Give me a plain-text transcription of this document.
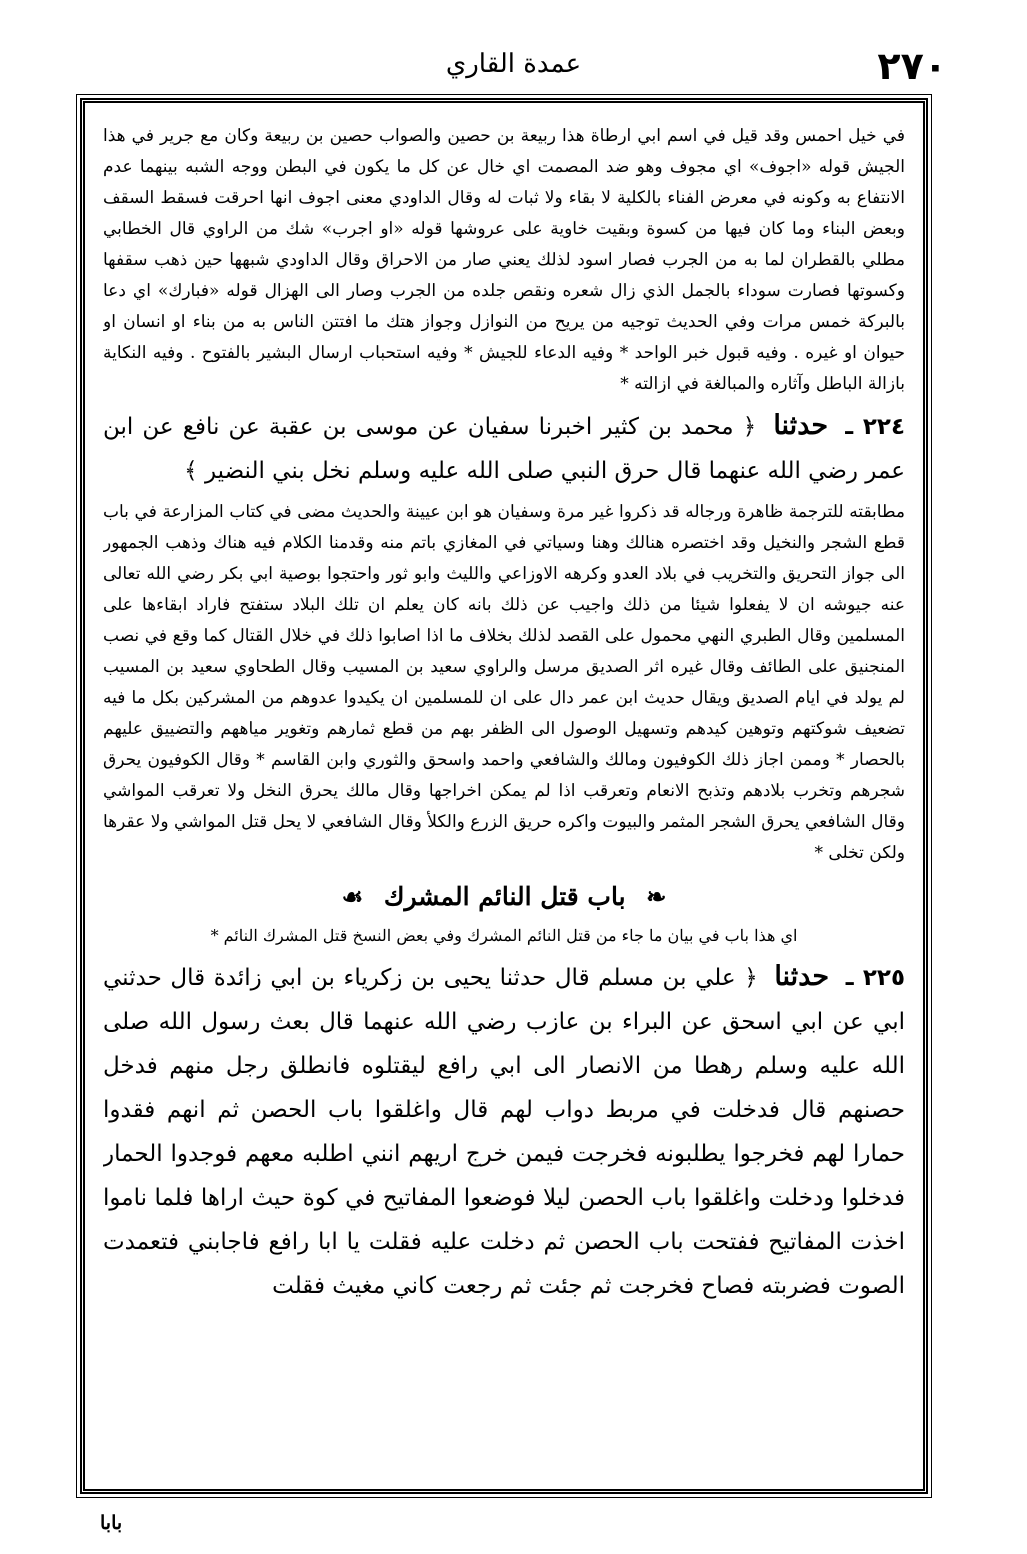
٢٧٠
عمدة القاري

في خيل احمس وقد قيل في اسم ابي ارطاة هذا ربيعة بن حصين والصواب حصين بن ربيعة وكان مع جرير في هذا الجيش قوله «اجوف» اي مجوف وهو ضد المصمت اي خال عن كل ما يكون في البطن ووجه الشبه بينهما عدم الانتفاع به وكونه في معرض الفناء بالكلية لا بقاء ولا ثبات له وقال الداودي معنى اجوف انها احرقت فسقط السقف وبعض البناء وما كان فيها من كسوة وبقيت خاوية على عروشها قوله «او اجرب» شك من الراوي قال الخطابي مطلي بالقطران لما به من الجرب فصار اسود لذلك يعني صار من الاحراق وقال الداودي شبهها حين ذهب سقفها وكسوتها فصارت سوداء بالجمل الذي زال شعره ونقص جلده من الجرب وصار الى الهزال قوله «فبارك» اي دعا بالبركة خمس مرات وفي الحديث توجيه من يريح من النوازل وجواز هتك ما افتتن الناس به من بناء او انسان او حيوان او غيره . وفيه قبول خبر الواحد * وفيه الدعاء للجيش * وفيه استحباب ارسال البشير بالفتوح . وفيه النكاية بازالة الباطل وآثاره والمبالغة في ازالته *

٢٢٤ ـ حدثنا ﴿ محمد بن كثير اخبرنا سفيان عن موسى بن عقبة عن نافع عن ابن عمر رضي الله عنهما قال حرق النبي صلى الله عليه وسلم نخل بني النضير ﴾

مطابقته للترجمة ظاهرة ورجاله قد ذكروا غير مرة وسفيان هو ابن عيينة والحديث مضى في كتاب المزارعة في باب قطع الشجر والنخيل وقد اختصره هنالك وهنا وسياتي في المغازي باتم منه وقدمنا الكلام فيه هناك وذهب الجمهور الى جواز التحريق والتخريب في بلاد العدو وكرهه الاوزاعي والليث وابو ثور واحتجوا بوصية ابي بكر رضي الله تعالى عنه جيوشه ان لا يفعلوا شيئا من ذلك واجيب عن ذلك بانه كان يعلم ان تلك البلاد ستفتح فاراد ابقاءها على المسلمين وقال الطبري النهي محمول على القصد لذلك بخلاف ما اذا اصابوا ذلك في خلال القتال كما وقع في نصب المنجنيق على الطائف وقال غيره اثر الصديق مرسل والراوي سعيد بن المسيب وقال الطحاوي سعيد بن المسيب لم يولد في ايام الصديق ويقال حديث ابن عمر دال على ان للمسلمين ان يكيدوا عدوهم من المشركين بكل ما فيه تضعيف شوكتهم وتوهين كيدهم وتسهيل الوصول الى الظفر بهم من قطع ثمارهم وتغوير مياههم والتضييق عليهم بالحصار * وممن اجاز ذلك الكوفيون ومالك والشافعي واحمد واسحق والثوري وابن القاسم * وقال الكوفيون يحرق شجرهم وتخرب بلادهم وتذبح الانعام وتعرقب اذا لم يمكن اخراجها وقال مالك يحرق النخل ولا تعرقب المواشي وقال الشافعي يحرق الشجر المثمر والبيوت واكره حريق الزرع والكلأ وقال الشافعي لا يحل قتل المواشي ولا عقرها ولكن تخلى *

❧ باب قتل النائم المشرك ☙

اي هذا باب في بيان ما جاء من قتل النائم المشرك وفي بعض النسخ قتل المشرك النائم *

٢٢٥ ـ حدثنا ﴿ علي بن مسلم قال حدثنا يحيى بن زكرياء بن ابي زائدة قال حدثني ابي عن ابي اسحق عن البراء بن عازب رضي الله عنهما قال بعث رسول الله صلى الله عليه وسلم رهطا من الانصار الى ابي رافع ليقتلوه فانطلق رجل منهم فدخل حصنهم قال فدخلت في مربط دواب لهم قال واغلقوا باب الحصن ثم انهم فقدوا حمارا لهم فخرجوا يطلبونه فخرجت فيمن خرج اريهم انني اطلبه معهم فوجدوا الحمار فدخلوا ودخلت واغلقوا باب الحصن ليلا فوضعوا المفاتيح في كوة حيث اراها فلما ناموا اخذت المفاتيح ففتحت باب الحصن ثم دخلت عليه فقلت يا ابا رافع فاجابني فتعمدت الصوت فضربته فصاح فخرجت ثم جئت ثم رجعت كاني مغيث فقلت

بابا
